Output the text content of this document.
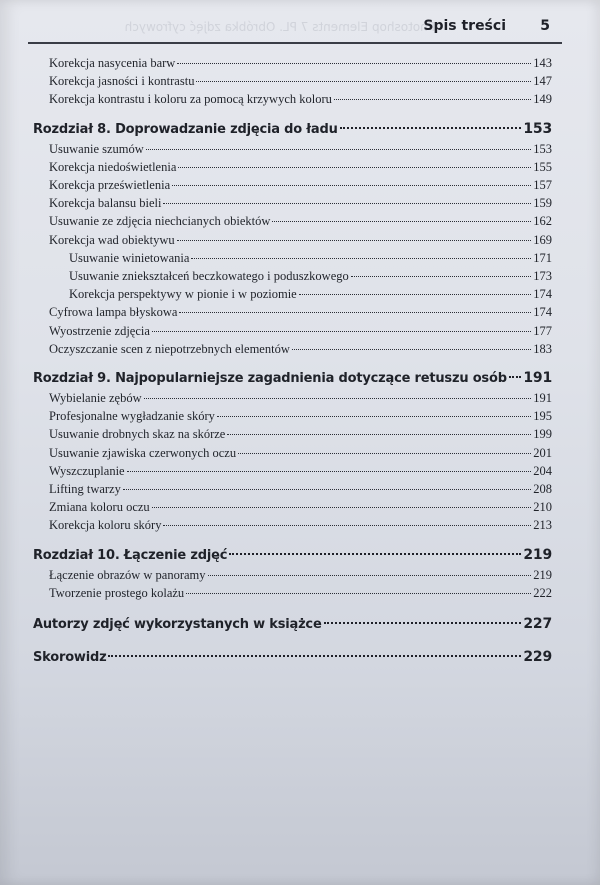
Photoshop Elements 7 PL. Obróbka zdjęć cyfrowych
Spis treści 5
Korekcja nasycenia barw	143
Korekcja jasności i kontrastu	147
Korekcja kontrastu i koloru za pomocą krzywych koloru	149
Rozdział 8. Doprowadzanie zdjęcia do ładu	153
Usuwanie szumów	153
Korekcja niedoświetlenia	155
Korekcja prześwietlenia	157
Korekcja balansu bieli	159
Usuwanie ze zdjęcia niechcianych obiektów	162
Korekcja wad obiektywu	169
Usuwanie winietowania	171
Usuwanie zniekształceń beczkowatego i poduszkowego	173
Korekcja perspektywy w pionie i w poziomie	174
Cyfrowa lampa błyskowa	174
Wyostrzenie zdjęcia	177
Oczyszczanie scen z niepotrzebnych elementów	183
Rozdział 9. Najpopularniejsze zagadnienia dotyczące retuszu osób 191
Wybielanie zębów	191
Profesjonalne wygładzanie skóry	195
Usuwanie drobnych skaz na skórze	199
Usuwanie zjawiska czerwonych oczu	201
Wyszczuplanie	204
Lifting twarzy	208
Zmiana koloru oczu	210
Korekcja koloru skóry	213
Rozdział 10. Łączenie zdjęć	219
Łączenie obrazów w panoramy	219
Tworzenie prostego kolażu	222
Autorzy zdjęć wykorzystanych w książce	227
Skorowidz	229
